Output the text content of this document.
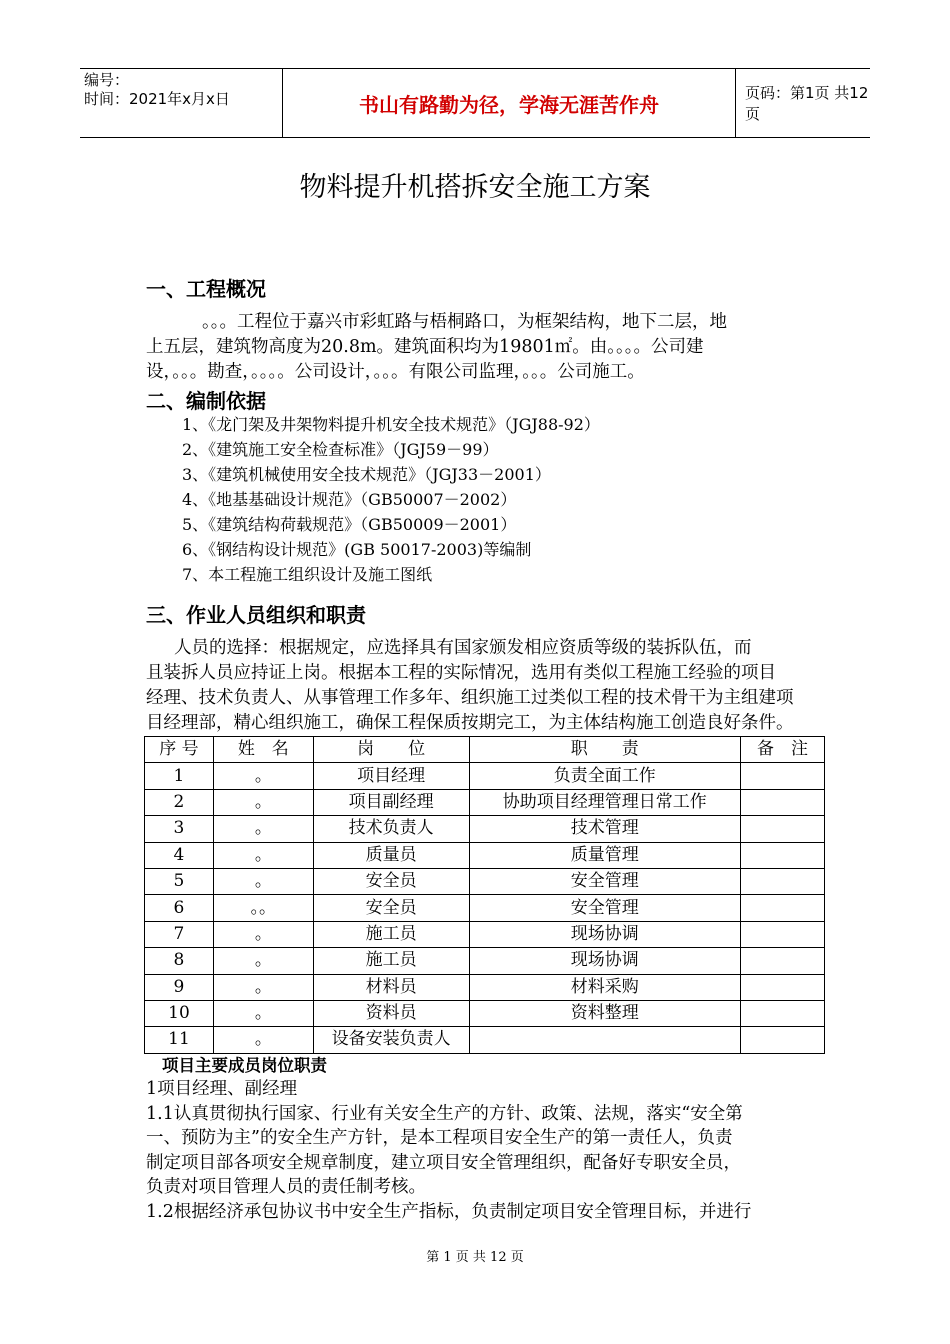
编号：
时间：2021年x月x日	书山有路勤为径，学海无涯苦作舟	页码：第1页 共12页
物料提升机搭拆安全施工方案
一、工程概况
。。。工程位于嘉兴市彩虹路与梧桐路口，为框架结构，地下二层，地
上五层，建筑物高度为20.8m。建筑面积均为19801㎡。由。。。。公司建
设，。。。勘查，。。。。公司设计，。。。有限公司监理，。。。公司施工。
二、编制依据
1、《龙门架及井架物料提升机安全技术规范》（JGJ88-92）
2、《建筑施工安全检查标准》（JGJ59－99）
3、《建筑机械使用安全技术规范》（JGJ33－2001）
4、《地基基础设计规范》（GB50007－2002）
5、《建筑结构荷载规范》（GB50009－2001）
6、《钢结构设计规范》(GB 50017-2003)等编制
7、本工程施工组织设计及施工图纸
三、作业人员组织和职责
人员的选择：根据规定，应选择具有国家颁发相应资质等级的装拆队伍，而
且装拆人员应持证上岗。根据本工程的实际情况，选用有类似工程施工经验的项目
经理、技术负责人、从事管理工作多年、组织施工过类似工程的技术骨干为主组建项
目经理部，精心组织施工，确保工程保质按期完工，为主体结构施工创造良好条件。
序 号	姓　名	岗　　位	职　　责	备　注
1	。	项目经理	负责全面工作	
2	。	项目副经理	协助项目经理管理日常工作	
3	。	技术负责人	技术管理	
4	。	质量员	质量管理	
5	。	安全员	安全管理	
6	。。	安全员	安全管理	
7	。	施工员	现场协调	
8	。	施工员	现场协调	
9	。	材料员	材料采购	
10	。	资料员	资料整理	
11	。	设备安装负责人		
项目主要成员岗位职责
1项目经理、副经理
1.1认真贯彻执行国家、行业有关安全生产的方针、政策、法规，落实“安全第
一、预防为主”的安全生产方针，是本工程项目安全生产的第一责任人，负责
制定项目部各项安全规章制度，建立项目安全管理组织，配备好专职安全员，
负责对项目管理人员的责任制考核。
1.2根据经济承包协议书中安全生产指标，负责制定项目安全管理目标，并进行
第 1 页 共 12 页
